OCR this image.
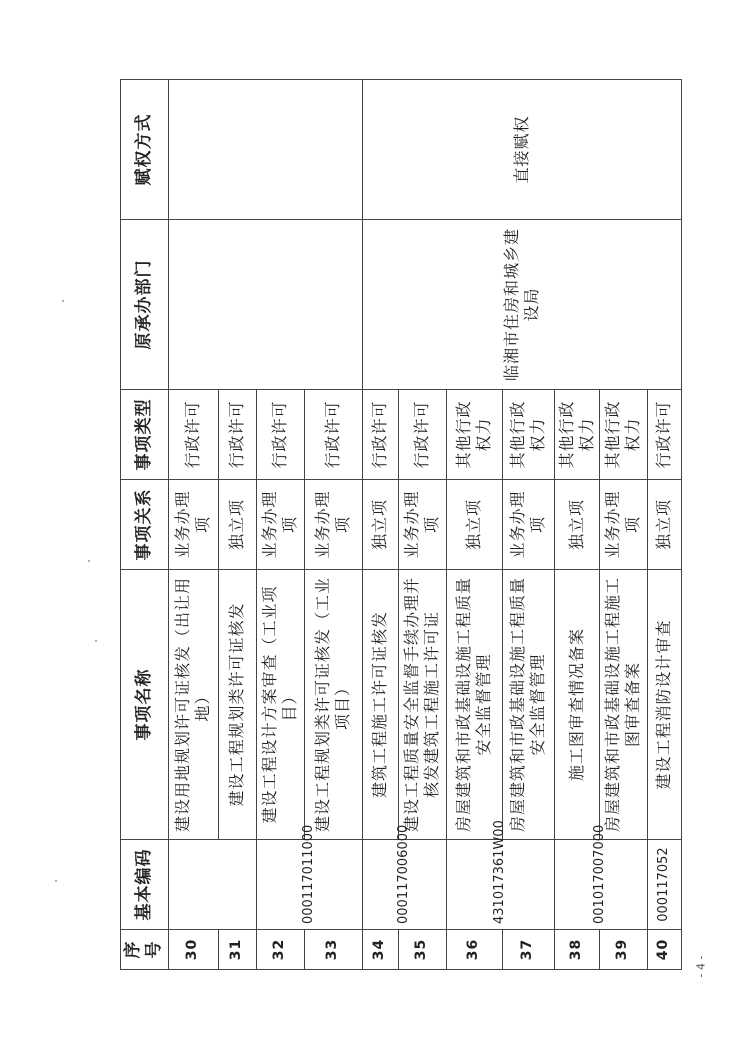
序号	基本编码	事项名称	事项关系	事项类型	原承办部门	赋权方式
30		建设用地规划许可证核发（出让用地）	业务办理项	行政许可		
31		建设工程规划类许可证核发	独立项	行政许可		
32	000117011000	建设工程设计方案审查（工业项目）	业务办理项	行政许可		
33		建设工程规划类许可证核发（工业项目）	业务办理项	行政许可		
34	000117006000	建筑工程施工许可证核发	独立项	行政许可	临湘市住房和城乡建设局	直接赋权
35		建设工程质量安全监督手续办理并核发建筑工程施工许可证	业务办理项	行政许可		
36	431017361W00	房屋建筑和市政基础设施工程质量安全监督管理	独立项	其他行政权力		
37		房屋建筑和市政基础设施工程质量安全监督管理	业务办理项	其他行政权力		
38	001017007000	施工图审查情况备案	独立项	其他行政权力		
39		房屋建筑和市政基础设施工程施工图审查备案	业务办理项	其他行政权力		
40	000117052	建设工程消防设计审查	独立项	行政许可		
- 4 -
